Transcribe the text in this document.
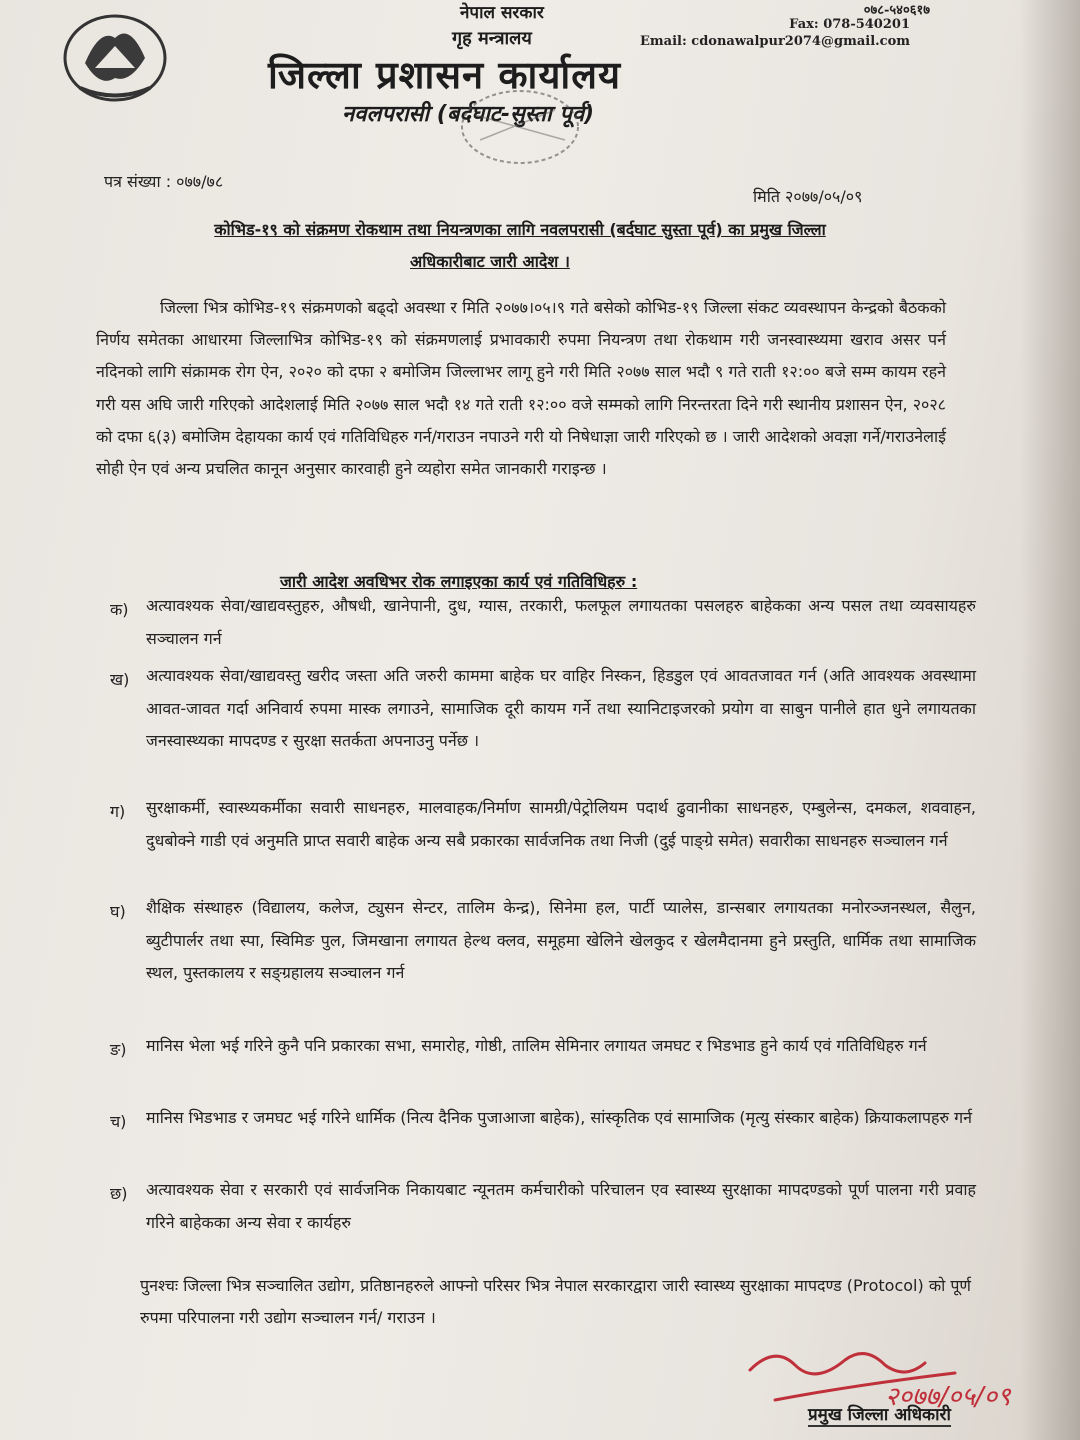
नेपाल सरकार
गृह मन्त्रालय
जिल्ला प्रशासन कार्यालय
नवलपरासी (बर्दघाट-सुस्ता पूर्व)
०७८-५४०६१७
Fax: 078-540201
Email: cdonawalpur2074@gmail.com
पत्र संख्या : ०७७/७८
मिति २०७७/०५/०९
कोभिड-१९ को संक्रमण रोकथाम तथा नियन्त्रणका लागि नवलपरासी (बर्दघाट सुस्ता पूर्व) का प्रमुख जिल्ला
अधिकारीबाट जारी आदेश ।

जिल्ला भित्र कोभिड-१९ संक्रमणको बढ्दो अवस्था र मिति २०७७।०५।९ गते बसेको कोभिड-१९ जिल्ला संकट व्यवस्थापन केन्द्रको बैठकको निर्णय समेतका आधारमा जिल्लाभित्र कोभिड-१९ को संक्रमणलाई प्रभावकारी रुपमा नियन्त्रण तथा रोकथाम गरी जनस्वास्थ्यमा खराव असर पर्न नदिनको लागि संक्रामक रोग ऐन, २०२० को दफा २ बमोजिम जिल्लाभर लागू हुने गरी मिति २०७७ साल भदौ ९ गते राती १२:०० बजे सम्म कायम रहने गरी यस अघि जारी गरिएको आदेशलाई मिति २०७७ साल भदौ १४ गते राती १२:०० वजे सम्मको लागि निरन्तरता दिने गरी स्थानीय प्रशासन ऐन, २०२८ को दफा ६(३) बमोजिम देहायका कार्य एवं गतिविधिहरु गर्न/गराउन नपाउने गरी यो निषेधाज्ञा जारी गरिएको छ । जारी आदेशको अवज्ञा गर्ने/गराउनेलाई सोही ऐन एवं अन्य प्रचलित कानून अनुसार कारवाही हुने व्यहोरा समेत जानकारी गराइन्छ ।

जारी आदेश अवधिभर रोक लगाइएका कार्य एवं गतिविधिहरु :
क) अत्यावश्यक सेवा/खाद्यवस्तुहरु, औषधी, खानेपानी, दुध, ग्यास, तरकारी, फलफूल लगायतका पसलहरु बाहेकका अन्य पसल तथा व्यवसायहरु सञ्चालन गर्न
ख) अत्यावश्यक सेवा/खाद्यवस्तु खरीद जस्ता अति जरुरी काममा बाहेक घर वाहिर निस्कन, हिडडुल एवं आवतजावत गर्न (अति आवश्यक अवस्थामा आवत-जावत गर्दा अनिवार्य रुपमा मास्क लगाउने, सामाजिक दूरी कायम गर्ने तथा स्यानिटाइजरको प्रयोग वा साबुन पानीले हात धुने लगायतका जनस्वास्थ्यका मापदण्ड र सुरक्षा सतर्कता अपनाउनु पर्नेछ ।
ग) सुरक्षाकर्मी, स्वास्थ्यकर्मीका सवारी साधनहरु, मालवाहक/निर्माण सामग्री/पेट्रोलियम पदार्थ ढुवानीका साधनहरु, एम्बुलेन्स, दमकल, शववाहन, दुधबोक्ने गाडी एवं अनुमति प्राप्त सवारी बाहेक अन्य सबै प्रकारका सार्वजनिक तथा निजी (दुई पाङ्ग्रे समेत) सवारीका साधनहरु सञ्चालन गर्न
घ) शैक्षिक संस्थाहरु (विद्यालय, कलेज, ट्युसन सेन्टर, तालिम केन्द्र), सिनेमा हल, पार्टी प्यालेस, डान्सबार लगायतका मनोरञ्जनस्थल, सैलुन, ब्युटीपार्लर तथा स्पा, स्विमिङ पुल, जिमखाना लगायत हेल्थ क्लव, समूहमा खेलिने खेलकुद र खेलमैदानमा हुने प्रस्तुति, धार्मिक तथा सामाजिक स्थल, पुस्तकालय र सङ्ग्रहालय सञ्चालन गर्न
ङ) मानिस भेला भई गरिने कुनै पनि प्रकारका सभा, समारोह, गोष्ठी, तालिम सेमिनार लगायत जमघट र भिडभाड हुने कार्य एवं गतिविधिहरु गर्न
च) मानिस भिडभाड र जमघट भई गरिने धार्मिक (नित्य दैनिक पुजाआजा बाहेक), सांस्कृतिक एवं सामाजिक (मृत्यु संस्कार बाहेक) क्रियाकलापहरु गर्न
छ) अत्यावश्यक सेवा र सरकारी एवं सार्वजनिक निकायबाट न्यूनतम कर्मचारीको परिचालन एव स्वास्थ्य सुरक्षाका मापदण्डको पूर्ण पालना गरी प्रवाह गरिने बाहेकका अन्य सेवा र कार्यहरु
पुनश्चः जिल्ला भित्र सञ्चालित उद्योग, प्रतिष्ठानहरुले आफ्नो परिसर भित्र नेपाल सरकारद्वारा जारी स्वास्थ्य सुरक्षाका मापदण्ड (Protocol) को पूर्ण रुपमा परिपालना गरी उद्योग सञ्चालन गर्न/ गराउन ।
२०७७/०५/०९
प्रमुख जिल्ला अधिकारी
